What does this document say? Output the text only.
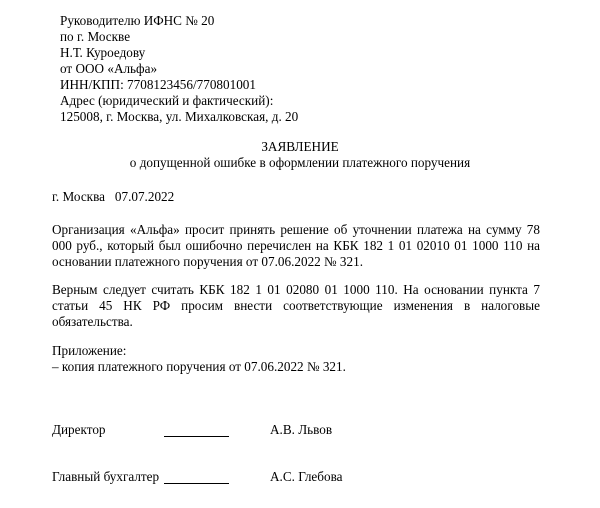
Руководителю ИФНС № 20
по г. Москве
Н.Т. Куроедову
от ООО «Альфа»
ИНН/КПП: 7708123456/770801001
Адрес (юридический и фактический):
125008, г. Москва, ул. Михалковская, д. 20
ЗАЯВЛЕНИЕ
о допущенной ошибке в оформлении платежного поручения
г. Москва   07.07.2022
Организация «Альфа» просит принять решение об уточнении платежа на сумму 78 000 руб., который был ошибочно перечислен на КБК 182 1 01 02010 01 1000 110 на основании платежного поручения от 07.06.2022 № 321.
Верным следует считать КБК 182 1 01 02080 01 1000 110. На основании пункта 7 статьи 45 НК РФ просим внести соответствующие изменения в налоговые обязательства.
Приложение:
– копия платежного поручения от 07.06.2022 № 321.
Директор	А.В. Львов
Главный бухгалтер	А.С. Глебова
